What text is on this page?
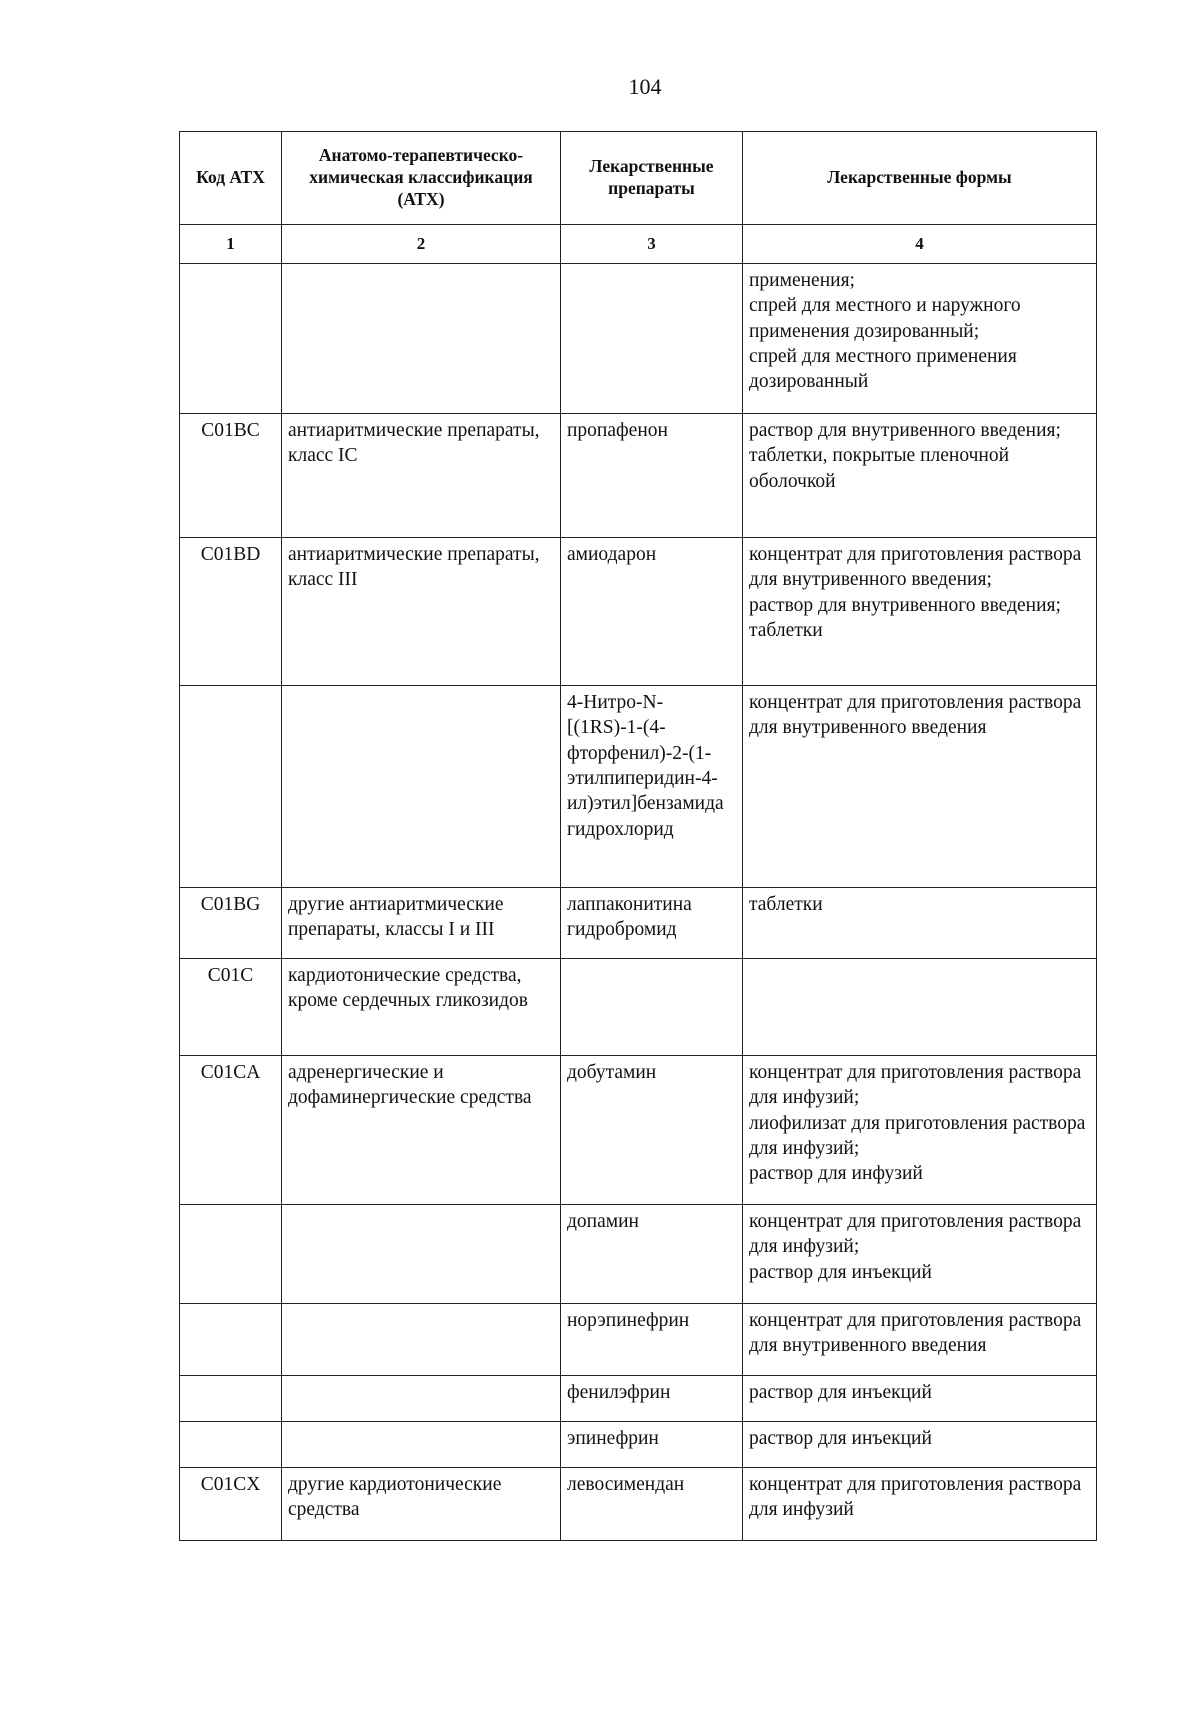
104
Код АТХ	Анатомо-терапевтическо-химическая классификация (АТХ)	Лекарственные препараты	Лекарственные формы
1	2	3	4

			применения;
спрей для местного и наружного применения дозированный;
спрей для местного применения дозированный

C01BC	антиаритмические препараты, класс IC	пропафенон	раствор для внутривенного введения;
таблетки, покрытые пленочной оболочкой

C01BD	антиаритмические препараты, класс III	амиодарон	концентрат для приготовления раствора для внутривенного введения;
раствор для внутривенного введения;
таблетки

		4-Нитро-N-[(1RS)-1-(4-фторфенил)-2-(1-этилпиперидин-4-ил)этил]бензамида гидрохлорид	концентрат для приготовления раствора для внутривенного введения

C01BG	другие антиаритмические препараты, классы I и III	лаппаконитина гидробромид	таблетки

C01C	кардиотонические средства, кроме сердечных гликозидов		
C01CA	адренергические и дофаминергические средства	добутамин	концентрат для приготовления раствора для инфузий;
лиофилизат для приготовления раствора для инфузий;
раствор для инфузий

		допамин	концентрат для приготовления раствора для инфузий;
раствор для инъекций

		норэпинефрин	концентрат для приготовления раствора для внутривенного введения

		фенилэфрин	раствор для инъекций

		эпинефрин	раствор для инъекций

C01CX	другие кардиотонические средства	левосимендан	концентрат для приготовления раствора для инфузий
